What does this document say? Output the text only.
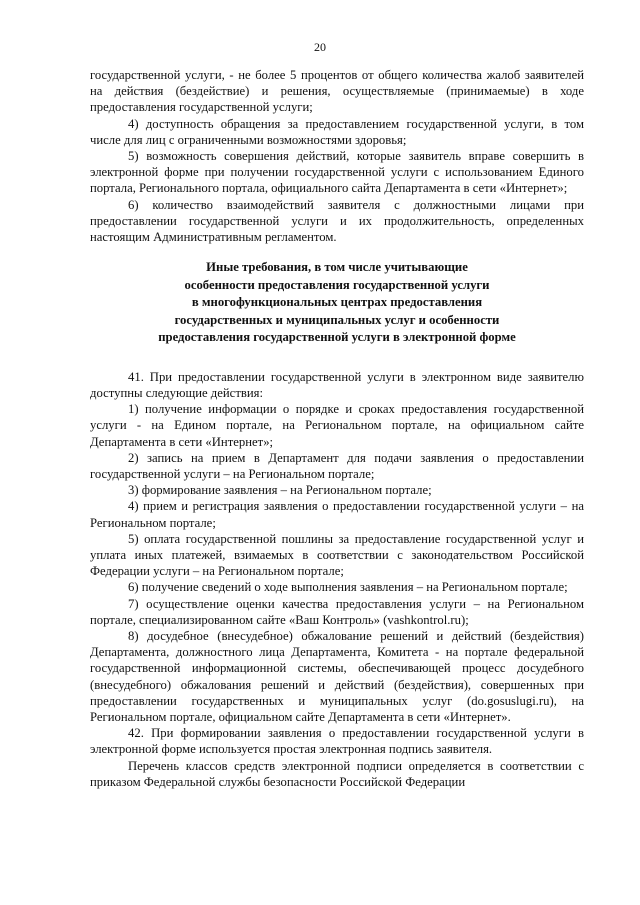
20

государственной услуги, - не более 5 процентов от общего количества жалоб заявителей на действия (бездействие) и решения, осуществляемые (принимаемые) в ходе предоставления государственной услуги;

4) доступность обращения за предоставлением государственной услуги, в том числе для лиц с ограниченными возможностями здоровья;

5) возможность совершения действий, которые заявитель вправе совершить в электронной форме при получении государственной услуги с использованием Единого портала, Регионального портала, официального сайта Департамента в сети «Интернет»;

6) количество взаимодействий заявителя с должностными лицами при предоставлении государственной услуги и их продолжительность, определенных настоящим Административным регламентом.

Иные требования, в том числе учитывающие
особенности предоставления государственной услуги
в многофункциональных центрах предоставления
государственных и муниципальных услуг и особенности
предоставления государственной услуги в электронной форме

41. При предоставлении государственной услуги в электронном виде заявителю доступны следующие действия:

1) получение информации о порядке и сроках предоставления государственной услуги - на Едином портале, на Региональном портале, на официальном сайте Департамента в сети «Интернет»;

2) запись на прием в Департамент для подачи заявления о предоставлении государственной услуги – на Региональном портале;

3) формирование заявления – на Региональном портале;

4) прием и регистрация заявления о предоставлении государственной услуги – на Региональном портале;

5) оплата государственной пошлины за предоставление государственной услуг и уплата иных платежей, взимаемых в соответствии с законодательством Российской Федерации услуги – на Региональном портале;

6) получение сведений о ходе выполнения заявления – на Региональном портале;

7) осуществление оценки качества предоставления услуги – на Региональном портале, специализированном сайте «Ваш Контроль» (vashkontrol.ru);

8) досудебное (внесудебное) обжалование решений и действий (бездействия) Департамента, должностного лица Департамента, Комитета - на портале федеральной государственной информационной системы, обеспечивающей процесс досудебного (внесудебного) обжалования решений и действий (бездействия), совершенных при предоставлении государственных и муниципальных услуг (do.gosuslugi.ru), на Региональном портале, официальном сайте Департамента в сети «Интернет».

42. При формировании заявления о предоставлении государственной услуги в электронной форме используется простая электронная подпись заявителя.

Перечень классов средств электронной подписи определяется в соответствии с приказом Федеральной службы безопасности Российской Федерации
